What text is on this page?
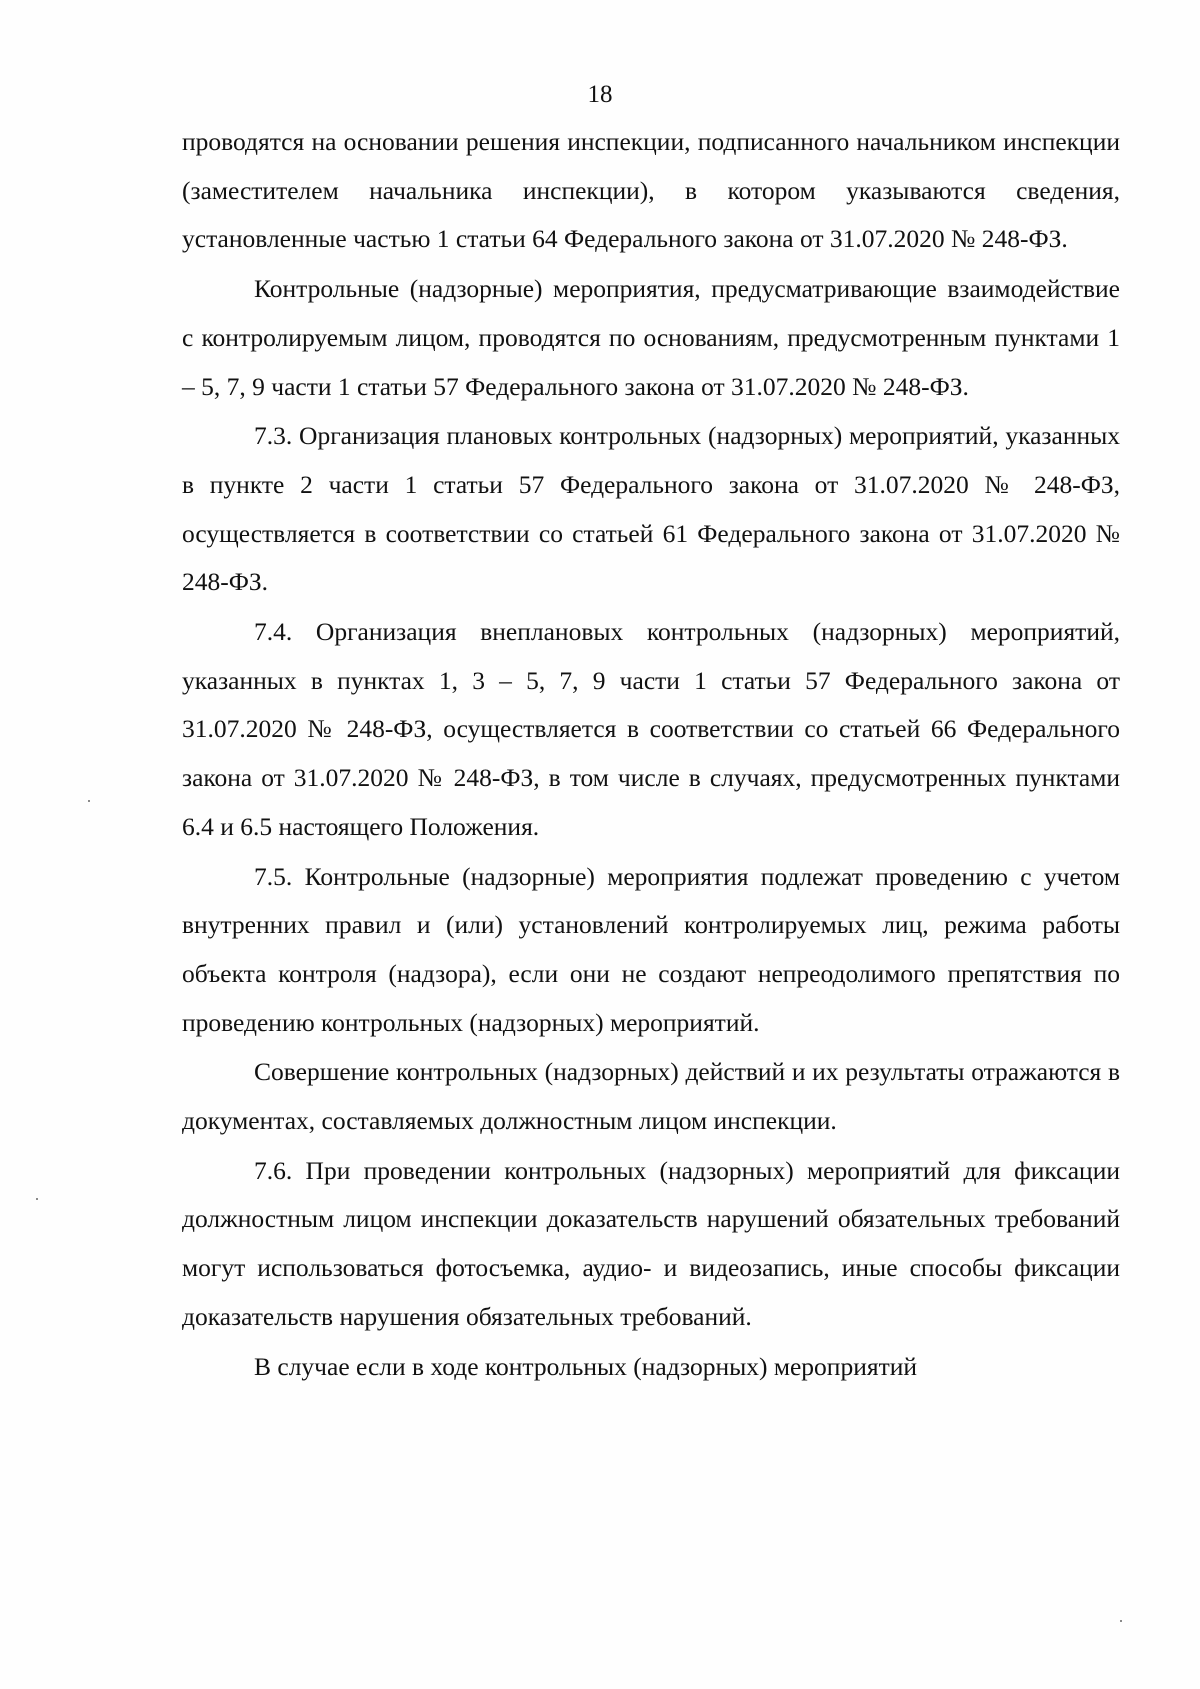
18

проводятся на основании решения инспекции, подписанного начальником инспекции (заместителем начальника инспекции), в котором указываются сведения, установленные частью 1 статьи 64 Федерального закона от 31.07.2020 № 248-ФЗ.

Контрольные (надзорные) мероприятия, предусматривающие взаимодействие с контролируемым лицом, проводятся по основаниям, предусмотренным пунктами 1 – 5, 7, 9 части 1 статьи 57 Федерального закона от 31.07.2020 № 248-ФЗ.

7.3. Организация плановых контрольных (надзорных) мероприятий, указанных в пункте 2 части 1 статьи 57 Федерального закона от 31.07.2020 № 248-ФЗ, осуществляется в соответствии со статьей 61 Федерального закона от 31.07.2020 № 248-ФЗ.

7.4. Организация внеплановых контрольных (надзорных) мероприятий, указанных в пунктах 1, 3 – 5, 7, 9 части 1 статьи 57 Федерального закона от 31.07.2020 № 248-ФЗ, осуществляется в соответствии со статьей 66 Федерального закона от 31.07.2020 № 248-ФЗ, в том числе в случаях, предусмотренных пунктами 6.4 и 6.5 настоящего Положения.

7.5. Контрольные (надзорные) мероприятия подлежат проведению с учетом внутренних правил и (или) установлений контролируемых лиц, режима работы объекта контроля (надзора), если они не создают непреодолимого препятствия по проведению контрольных (надзорных) мероприятий.

Совершение контрольных (надзорных) действий и их результаты отражаются в документах, составляемых должностным лицом инспекции.

7.6. При проведении контрольных (надзорных) мероприятий для фиксации должностным лицом инспекции доказательств нарушений обязательных требований могут использоваться фотосъемка, аудио- и видеозапись, иные способы фиксации доказательств нарушения обязательных требований.

В случае если в ходе контрольных (надзорных) мероприятий
